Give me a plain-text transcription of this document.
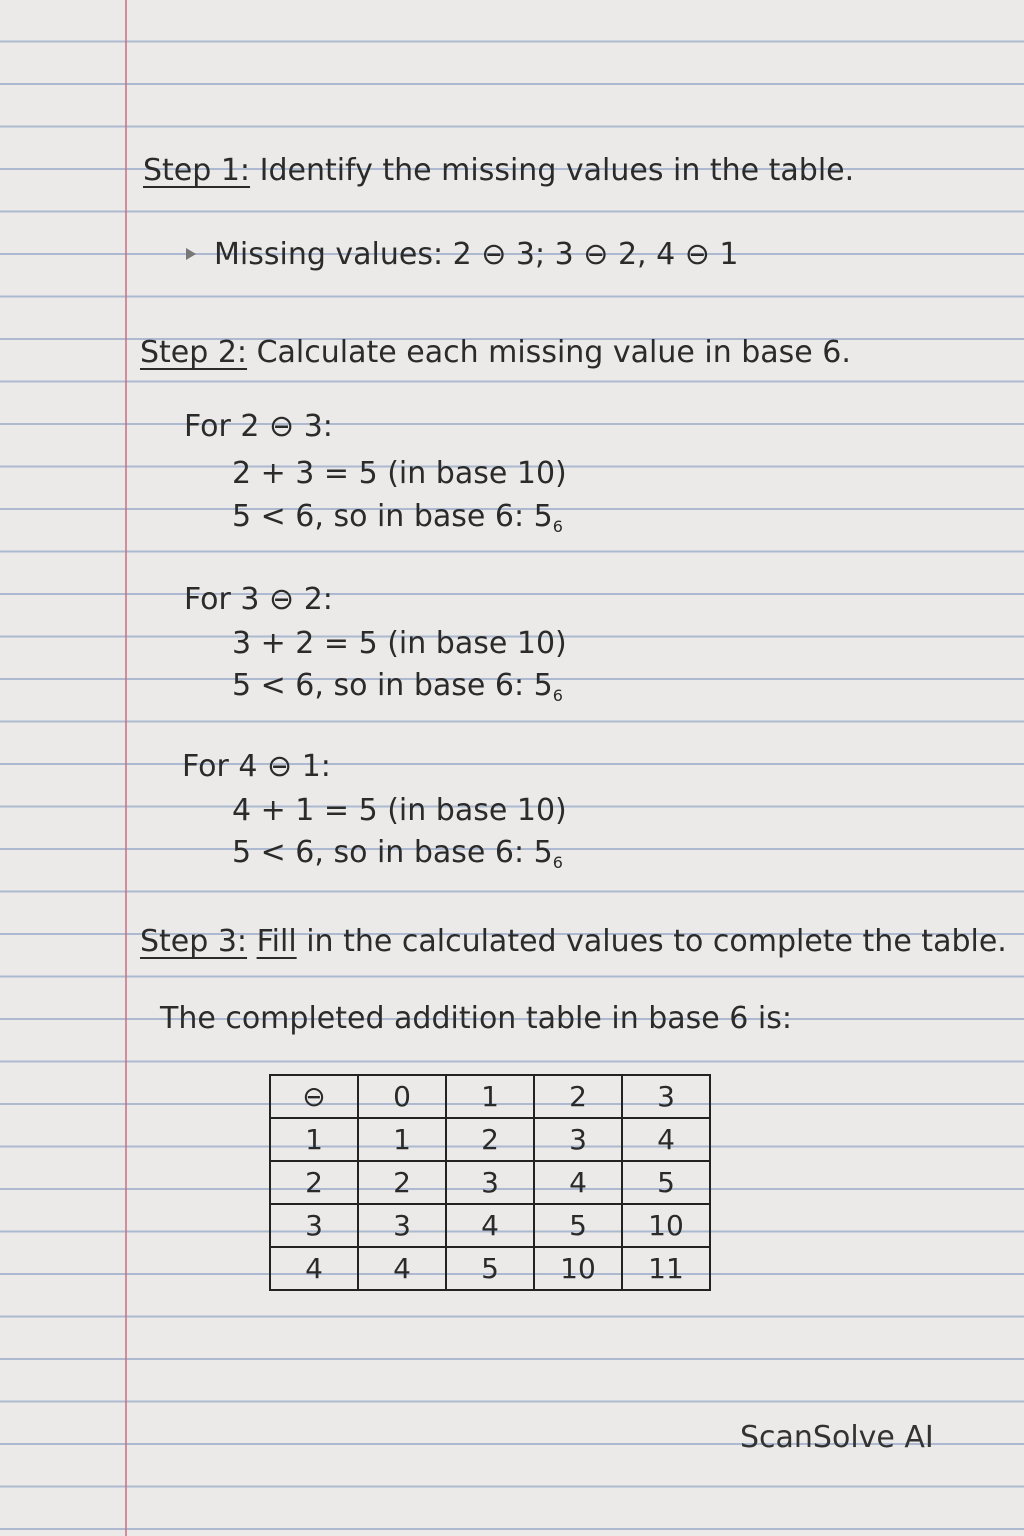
Step 1: Identify the missing values in the table.
Missing values: 2 ⊖ 3; 3 ⊖ 2, 4 ⊖ 1
Step 2: Calculate each missing value in base 6.
For 2 ⊖ 3:
2 + 3 = 5 (in base 10)
5 < 6, so in base 6: $5_6$
For 3 ⊖ 2:
3 + 2 = 5 (in base 10)
5 < 6, so in base 6: $5_6$
For 4 ⊖ 1:
4 + 1 = 5 (in base 10)
5 < 6, so in base 6: $5_6$
Step 3: Fill in the calculated values to complete the table.
The completed addition table in base 6 is:
⊖	0	1	2	3
1	1	2	3	4
2	2	3	4	5
3	3	4	5	10
4	4	5	10	11
ScanSolve AI
